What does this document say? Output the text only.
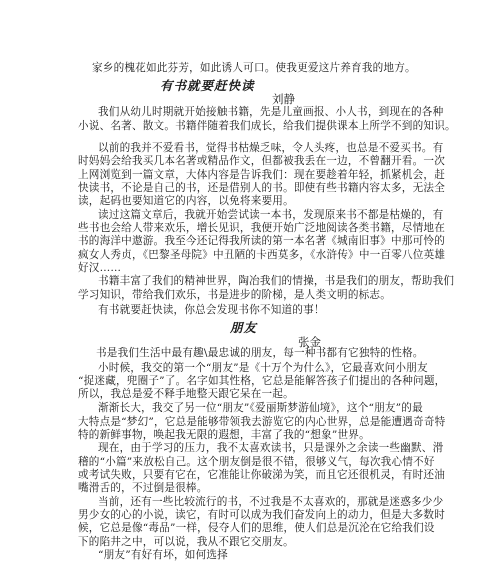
家乡的槐花如此芬芳，如此诱人可口。使我更爱这片养育我的地方。
有书就要赶快读
刘静
我们从幼儿时期就开始接触书籍，先是儿童画报、小人书，到现在的各种
小说、名著、散文。书籍伴随着我们成长，给我们提供课本上所学不到的知识。
以前的我并不爱看书，觉得书枯燥乏味，令人头疼，也总是不爱买书。有
时妈妈会给我买几本名著或精品作文，但都被我丢在一边，不曾翻开看。一次
上网浏览到一篇文章，大体内容是告诉我们：现在要趁着年轻，抓紧机会，赶
快读书，不论是自己的书，还是借别人的书。即使有些书籍内容太多，无法全
读，起码也要知道它的内容，以免将来要用。
读过这篇文章后，我就开始尝试读一本书，发现原来书不都是枯燥的，有
些书也会给人带来欢乐，增长见识，我便开始广泛地阅读各类书籍，尽情地在
书的海洋中遨游。我至今还记得我所读的第一本名著《城南旧事》中那可怜的
疯女人秀贞，《巴黎圣母院》中丑陋的卡西莫多，《水浒传》中一百零八位英雄
好汉……
书籍丰富了我们的精神世界，陶冶我们的情操，书是我们的朋友，帮助我们
学习知识，带给我们欢乐，书是进步的阶梯，是人类文明的标志。
有书就要赶快读，你总会发现书你不知道的事！
朋友
张金
书是我们生活中最有趣\最忠诚的朋友，每一种书都有它独特的性格。
小时候，我交的第一个“朋友”是《十万个为什么》，它最喜欢问小朋友
“捉迷藏，兜圈子”了。名字如其性格，它总是能解答孩子们提出的各种问题，
所以，我总是爱不释手地整天跟它呆在一起。
渐渐长大，我交了另一位“朋友”《爱丽斯梦游仙境》，这个“朋友”的最
大特点是“梦幻”，它总是能够带领我去游览它的内心世界，总是能遭遇奇奇特
特的新鲜事物，唤起我无限的遐想，丰富了我的“想象”世界。
现在，由于学习的压力，我不太喜欢读书，只是课外之余读一些幽默、滑
稽的“小篇”来放松自己。这个朋友倒是很不错，很够义气，每次我心情不好
或考试失败，只要有它在，它准能让你破涕为笑，而且它还很机灵，有时还油
嘴滑舌的，不过倒是很棒。
当前，还有一些比较流行的书，不过我是不太喜欢的，那就是迷惑多少少
男少女的心的小说，读它，有时可以成为我们奋发向上的动力，但是大多数时
候，它总是像“毒品”一样，侵夺人们的思维，使人们总是沉沦在它给我们设
下的陷井之中，可以说，我从不跟它交朋友。
“朋友”有好有坏，如何选择
